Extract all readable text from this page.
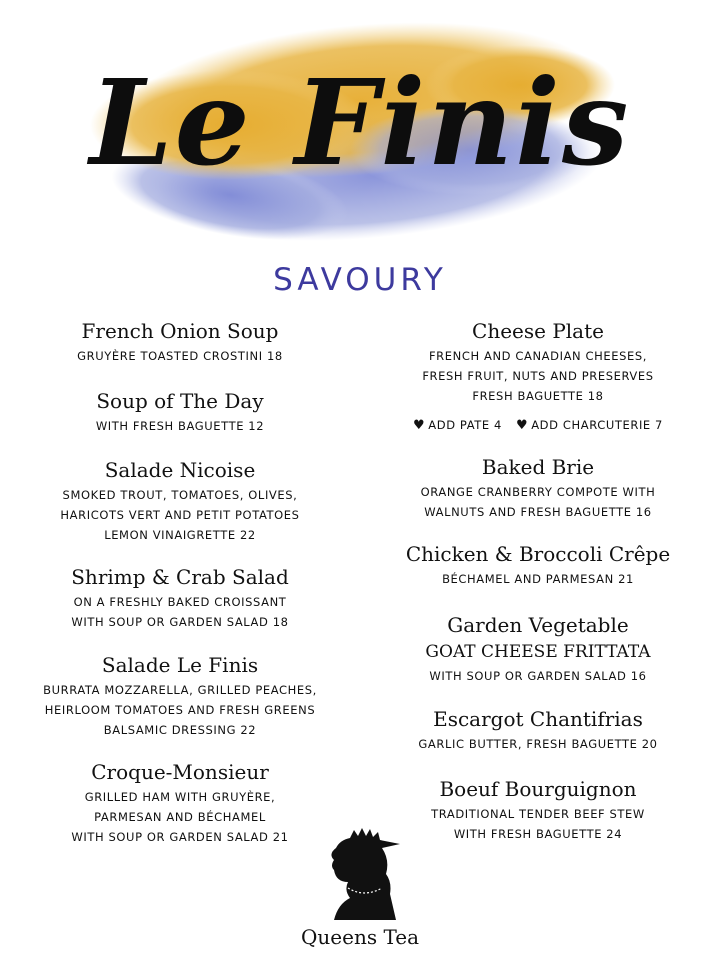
Le Finis
SAVOURY
French Onion Soup
GRUYÈRE TOASTED CROSTINI 18
Soup of The Day
WITH FRESH BAGUETTE 12
Salade Nicoise
SMOKED TROUT, TOMATOES, OLIVES,
HARICOTS VERT AND PETIT POTATOES
LEMON VINAIGRETTE 22
Shrimp & Crab Salad
ON A FRESHLY BAKED CROISSANT
WITH SOUP OR GARDEN SALAD 18
Salade Le Finis
BURRATA MOZZARELLA, GRILLED PEACHES,
HEIRLOOM TOMATOES AND FRESH GREENS
BALSAMIC DRESSING 22
Croque-Monsieur
GRILLED HAM WITH GRUYÈRE,
PARMESAN AND BÉCHAMEL
WITH SOUP OR GARDEN SALAD 21
Cheese Plate
FRENCH AND CANADIAN CHEESES,
FRESH FRUIT, NUTS AND PRESERVES
FRESH BAGUETTE 18
♥ ADD PATE 4 ♥ ADD CHARCUTERIE 7
Baked Brie
ORANGE CRANBERRY COMPOTE WITH
WALNUTS AND FRESH BAGUETTE 16
Chicken & Broccoli Crêpe
BÉCHAMEL AND PARMESAN 21
Garden Vegetable
GOAT CHEESE FRITTATA
WITH SOUP OR GARDEN SALAD 16
Escargot Chantifrias
GARLIC BUTTER, FRESH BAGUETTE 20
Boeuf Bourguignon
TRADITIONAL TENDER BEEF STEW
WITH FRESH BAGUETTE 24
Queens Tea
